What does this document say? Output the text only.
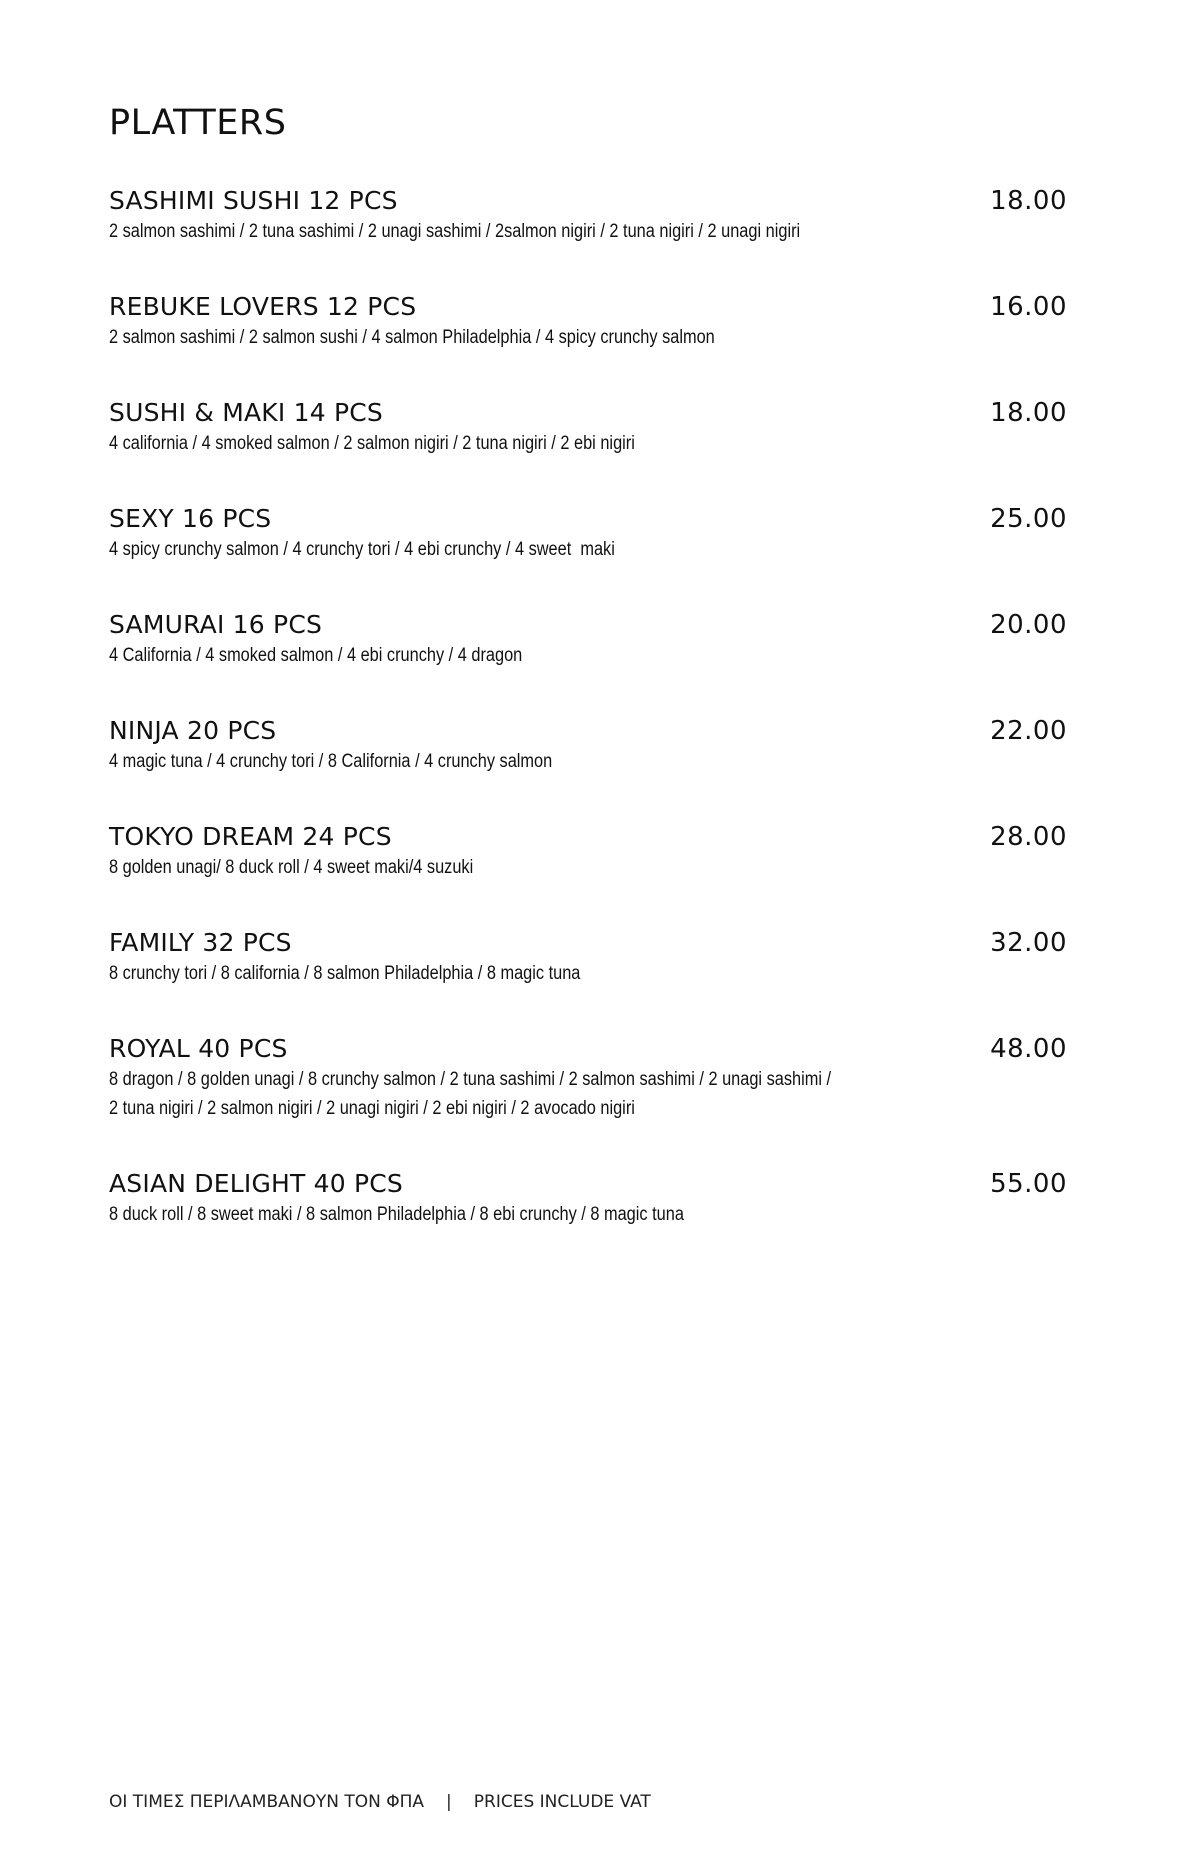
PLATTERS
SASHIMI SUSHI 12 PCS	18.00
2 salmon sashimi / 2 tuna sashimi / 2 unagi sashimi / 2salmon nigiri / 2 tuna nigiri / 2 unagi nigiri
REBUKE LOVERS 12 PCS	16.00
2 salmon sashimi / 2 salmon sushi / 4 salmon Philadelphia / 4 spicy crunchy salmon
SUSHI & MAKI 14 PCS	18.00
4 california / 4 smoked salmon / 2 salmon nigiri / 2 tuna nigiri / 2 ebi nigiri
SEXY 16 PCS	25.00
4 spicy crunchy salmon / 4 crunchy tori / 4 ebi crunchy / 4 sweet  maki
SAMURAI 16 PCS	20.00
4 California / 4 smoked salmon / 4 ebi crunchy / 4 dragon
NINJA 20 PCS	22.00
4 magic tuna / 4 crunchy tori / 8 California / 4 crunchy salmon
TOKYO DREAM 24 PCS	28.00
8 golden unagi/ 8 duck roll / 4 sweet maki/4 suzuki
FAMILY 32 PCS	32.00
8 crunchy tori / 8 california / 8 salmon Philadelphia / 8 magic tuna
ROYAL 40 PCS	48.00
8 dragon / 8 golden unagi / 8 crunchy salmon / 2 tuna sashimi / 2 salmon sashimi / 2 unagi sashimi /
2 tuna nigiri / 2 salmon nigiri / 2 unagi nigiri / 2 ebi nigiri / 2 avocado nigiri
ASIAN DELIGHT 40 PCS	55.00
8 duck roll / 8 sweet maki / 8 salmon Philadelphia / 8 ebi crunchy / 8 magic tuna
ΟΙ ΤΙΜΕΣ ΠΕΡΙΛΑΜΒΑΝΟΥΝ ΤΟΝ ΦΠΑ | PRICES INCLUDE VAT
